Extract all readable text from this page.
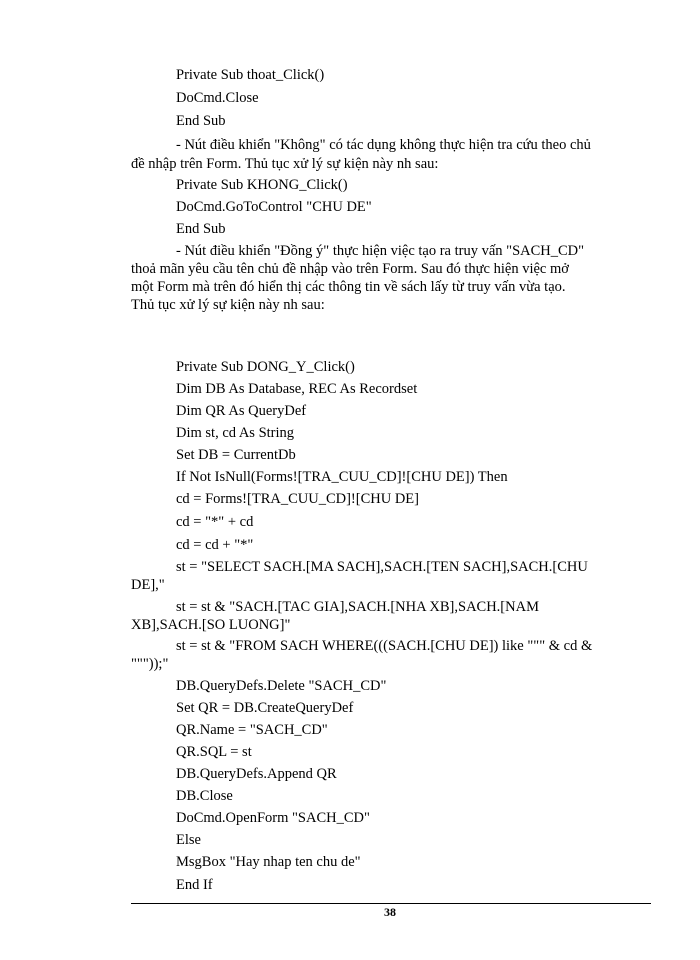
Private Sub thoat_Click()
DoCmd.Close
End Sub
- Nút điều khiển "Không" có tác dụng không thực hiện tra cứu theo chủ
đề nhập trên Form. Thủ tục xử lý sự kiện này nh sau:
Private Sub KHONG_Click()
DoCmd.GoToControl "CHU DE"
End Sub
- Nút điều khiển "Đồng ý" thực hiện việc tạo ra truy vấn "SACH_CD"
thoả mãn yêu cầu tên chủ đề nhập vào trên Form. Sau đó thực hiện việc mở
một Form mà trên đó hiển thị các thông tin về sách lấy từ truy vấn vừa tạo.
Thủ tục xử lý sự kiện này nh sau:
Private Sub DONG_Y_Click()
Dim DB As Database, REC As Recordset
Dim QR As QueryDef
Dim st, cd As String
Set DB = CurrentDb
If Not IsNull(Forms![TRA_CUU_CD]![CHU DE]) Then
cd = Forms![TRA_CUU_CD]![CHU DE]
cd = "*" + cd
cd = cd + "*"
st = "SELECT SACH.[MA SACH],SACH.[TEN SACH],SACH.[CHU
DE],"
st = st & "SACH.[TAC GIA],SACH.[NHA XB],SACH.[NAM
XB],SACH.[SO LUONG]"
st = st & "FROM SACH WHERE(((SACH.[CHU DE]) like """ & cd &
"""));"
DB.QueryDefs.Delete "SACH_CD"
Set QR = DB.CreateQueryDef
QR.Name = "SACH_CD"
QR.SQL = st
DB.QueryDefs.Append QR
DB.Close
DoCmd.OpenForm "SACH_CD"
Else
MsgBox "Hay nhap ten chu de"
End If
38
